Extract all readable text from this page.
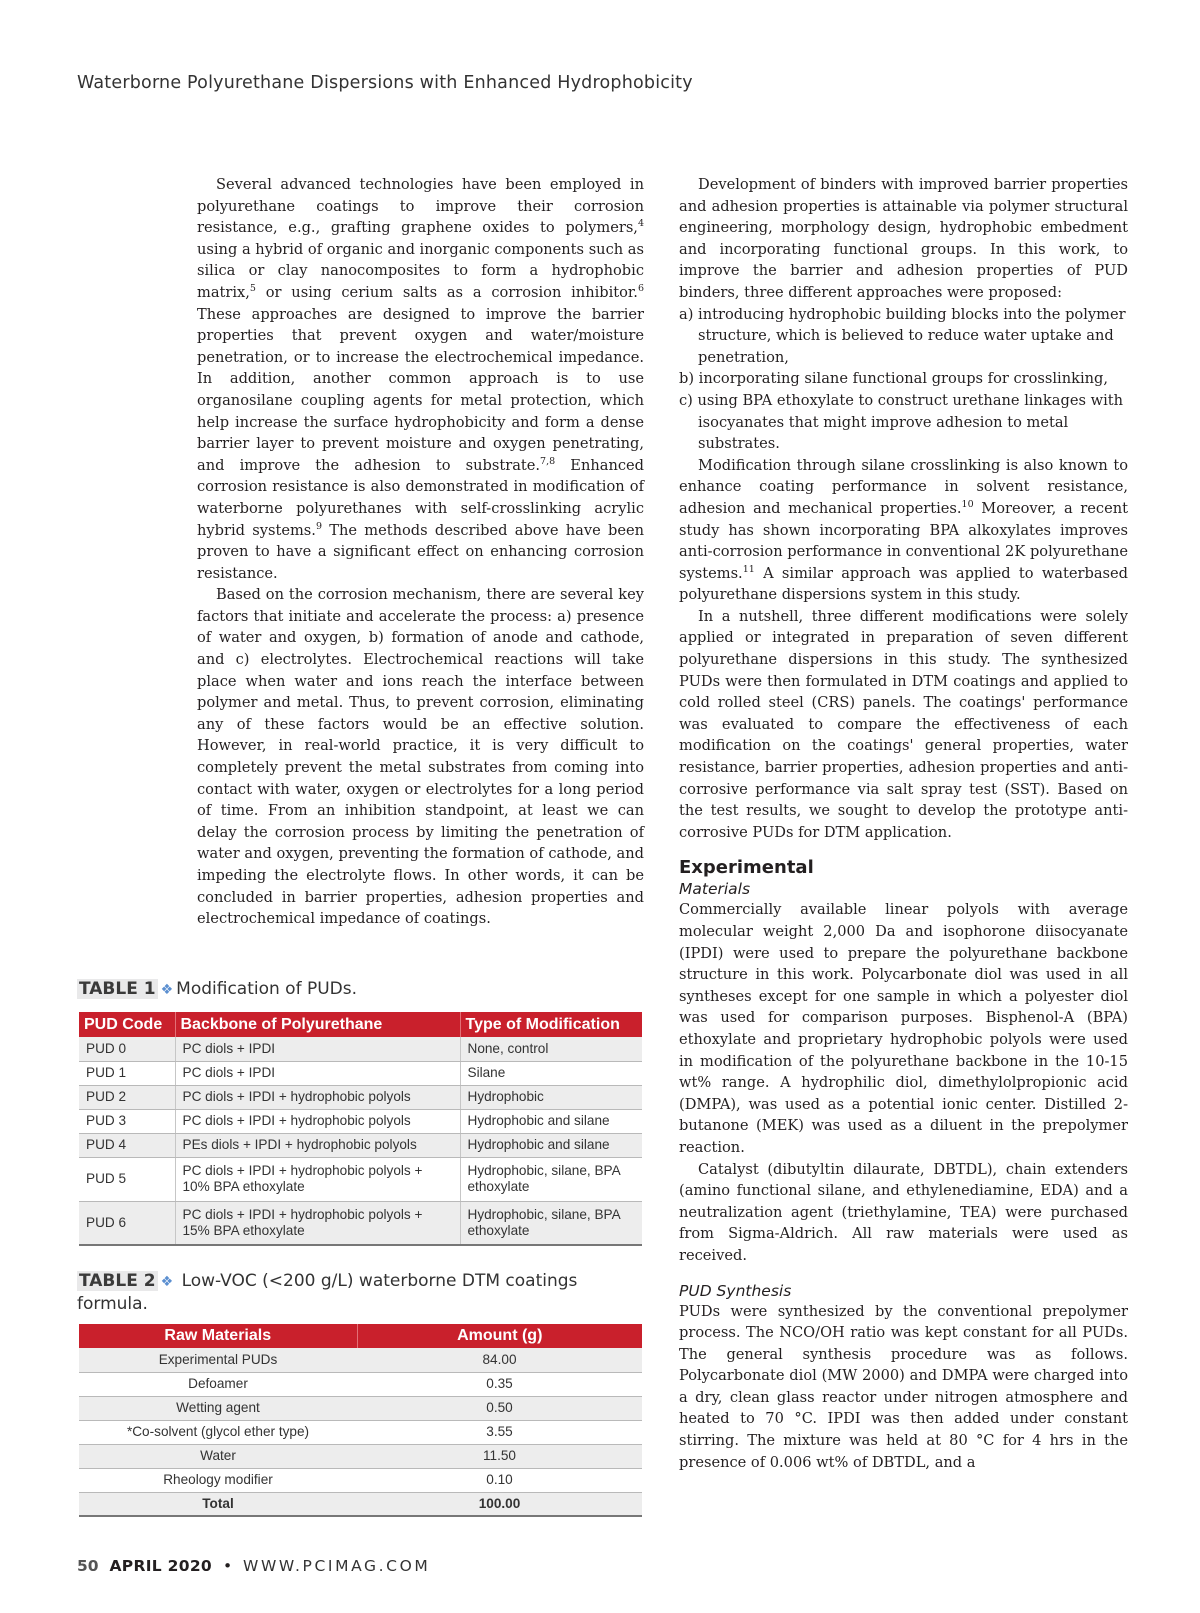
Waterborne Polyurethane Dispersions with Enhanced Hydrophobicity

Several advanced technologies have been employed in polyurethane coatings to improve their corrosion resistance, e.g., grafting graphene oxides to polymers,$^4$ using a hybrid of organic and inorganic components such as silica or clay nanocomposites to form a hydrophobic matrix,$^5$ or using cerium salts as a corrosion inhibitor.$^6$ These approaches are designed to improve the barrier properties that prevent oxygen and water/moisture penetration, or to increase the electrochemical impedance. In addition, another common approach is to use organosilane coupling agents for metal protection, which help increase the surface hydrophobicity and form a dense barrier layer to prevent moisture and oxygen penetrating, and improve the adhesion to substrate.$^{7,8}$ Enhanced corrosion resistance is also demonstrated in modification of waterborne polyurethanes with self-crosslinking acrylic hybrid systems.$^9$ The methods described above have been proven to have a significant effect on enhancing corrosion resistance.

Based on the corrosion mechanism, there are several key factors that initiate and accelerate the process: a) presence of water and oxygen, b) formation of anode and cathode, and c) electrolytes. Electrochemical reactions will take place when water and ions reach the interface between polymer and metal. Thus, to prevent corrosion, eliminating any of these factors would be an effective solution. However, in real-world practice, it is very difficult to completely prevent the metal substrates from coming into contact with water, oxygen or electrolytes for a long period of time. From an inhibition standpoint, at least we can delay the corrosion process by limiting the penetration of water and oxygen, preventing the formation of cathode, and impeding the electrolyte flows. In other words, it can be concluded in barrier properties, adhesion properties and electrochemical impedance of coatings.

Development of binders with improved barrier properties and adhesion properties is attainable via polymer structural engineering, morphology design, hydrophobic embedment and incorporating functional groups. In this work, to improve the barrier and adhesion properties of PUD binders, three different approaches were proposed:

a) introducing hydrophobic building blocks into the polymer structure, which is believed to reduce water uptake and penetration,
b) incorporating silane functional groups for crosslinking,
c) using BPA ethoxylate to construct urethane linkages with isocyanates that might improve adhesion to metal substrates.

Modification through silane crosslinking is also known to enhance coating performance in solvent resistance, adhesion and mechanical properties.$^{10}$ Moreover, a recent study has shown incorporating BPA alkoxylates improves anti-corrosion performance in conventional 2K polyurethane systems.$^{11}$ A similar approach was applied to waterbased polyurethane dispersions system in this study.

In a nutshell, three different modifications were solely applied or integrated in preparation of seven different polyurethane dispersions in this study. The synthesized PUDs were then formulated in DTM coatings and applied to cold rolled steel (CRS) panels. The coatings' performance was evaluated to compare the effectiveness of each modification on the coatings' general properties, water resistance, barrier properties, adhesion properties and anti-corrosive performance via salt spray test (SST). Based on the test results, we sought to develop the prototype anti-corrosive PUDs for DTM application.

Experimental
Materials

Commercially available linear polyols with average molecular weight 2,000 Da and isophorone diisocyanate (IPDI) were used to prepare the polyurethane backbone structure in this work. Polycarbonate diol was used in all syntheses except for one sample in which a polyester diol was used for comparison purposes. Bisphenol-A (BPA) ethoxylate and proprietary hydrophobic polyols were used in modification of the polyurethane backbone in the 10-15 wt% range. A hydrophilic diol, dimethylolpropionic acid (DMPA), was used as a potential ionic center. Distilled 2-butanone (MEK) was used as a diluent in the prepolymer reaction.

Catalyst (dibutyltin dilaurate, DBTDL), chain extenders (amino functional silane, and ethylenediamine, EDA) and a neutralization agent (triethylamine, TEA) were purchased from Sigma-Aldrich. All raw materials were used as received.

PUD Synthesis

PUDs were synthesized by the conventional prepolymer process. The NCO/OH ratio was kept constant for all PUDs. The general synthesis procedure was as follows. Polycarbonate diol (MW 2000) and DMPA were charged into a dry, clean glass reactor under nitrogen atmosphere and heated to 70 °C. IPDI was then added under constant stirring. The mixture was held at 80 °C for 4 hrs in the presence of 0.006 wt% of DBTDL, and a

TABLE 1 ❖ Modification of PUDs.
PUD Code	Backbone of Polyurethane	Type of Modification
PUD 0	PC diols + IPDI	None, control
PUD 1	PC diols + IPDI	Silane
PUD 2	PC diols + IPDI + hydrophobic polyols	Hydrophobic
PUD 3	PC diols + IPDI + hydrophobic polyols	Hydrophobic and silane
PUD 4	PEs diols + IPDI + hydrophobic polyols	Hydrophobic and silane
PUD 5	PC diols + IPDI + hydrophobic polyols + 10% BPA ethoxylate	Hydrophobic, silane, BPA ethoxylate
PUD 6	PC diols + IPDI + hydrophobic polyols + 15% BPA ethoxylate	Hydrophobic, silane, BPA ethoxylate
TABLE 2 ❖ Low-VOC (<200 g/L) waterborne DTM coatings formula.
Raw Materials	Amount (g)
Experimental PUDs	84.00
Defoamer	0.35
Wetting agent	0.50
*Co-solvent (glycol ether type)	3.55
Water	11.50
Rheology modifier	0.10
Total	100.00
50 APRIL 2020 • WWW.PCIMAG.COM
